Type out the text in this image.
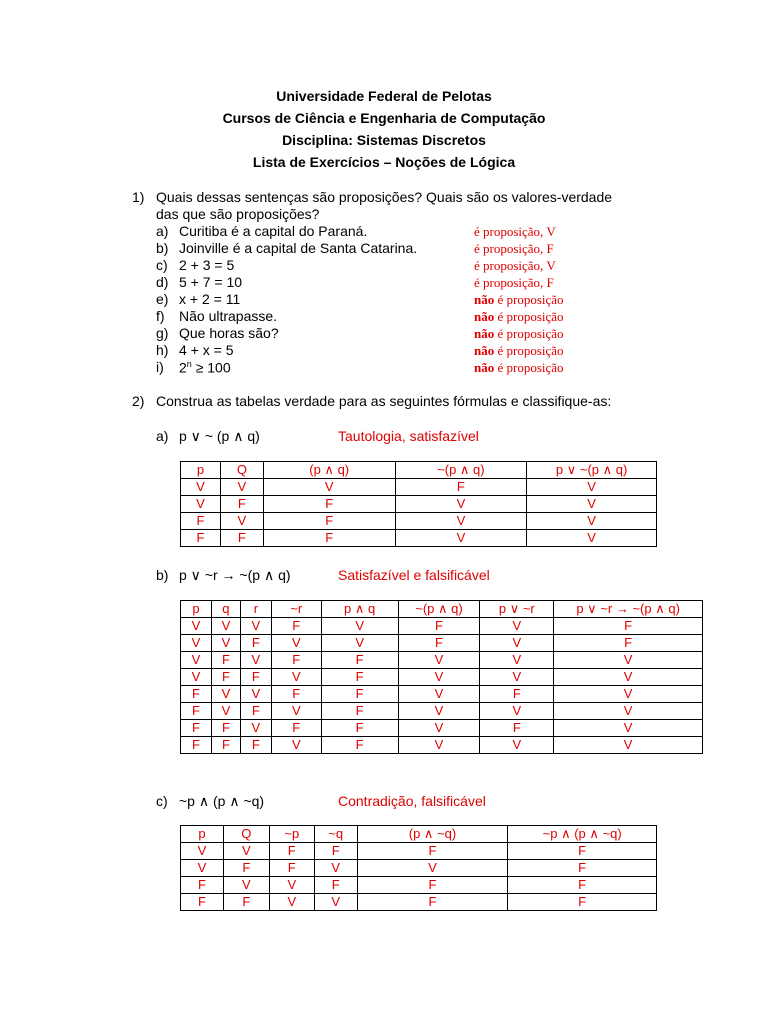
Universidade Federal de Pelotas
Cursos de Ciência e Engenharia de Computação
Disciplina: Sistemas Discretos
Lista de Exercícios – Noções de Lógica
1) Quais dessas sentenças são proposições? Quais são os valores-verdade
das que são proposições?
a) Curitiba é a capital do Paraná.	é proposição, V
b) Joinville é a capital de Santa Catarina.	é proposição, F
c) 2 + 3 = 5	é proposição, V
d) 5 + 7 = 10	é proposição, F
e) x + 2 = 11	não é proposição
f) Não ultrapasse.	não é proposição
g) Que horas são?	não é proposição
h) 4 + x = 5	não é proposição
i) $2^n \ge 100$	não é proposição
2) Construa as tabelas verdade para as seguintes fórmulas e classifique-as:
a) p ∨ ~ (p ∧ q)	Tautologia, satisfazível
p	Q	(p ∧ q)	~(p ∧ q)	p ∨ ~(p ∧ q)
V	V	V	F	V
V	F	F	V	V
F	V	F	V	V
F	F	F	V	V
b) p ∨ ~r → ~(p ∧ q)	Satisfazível e falsificável
p	q	r	~r	p ∧ q	~(p ∧ q)	p ∨ ~r	p ∨ ~r → ~(p ∧ q)
V	V	V	F	V	F	V	F
V	V	F	V	V	F	V	F
V	F	V	F	F	V	V	V
V	F	F	V	F	V	V	V
F	V	V	F	F	V	F	V
F	V	F	V	F	V	V	V
F	F	V	F	F	V	F	V
F	F	F	V	F	V	V	V
c) ~p ∧ (p ∧ ~q)	Contradição, falsificável
p	Q	~p	~q	(p ∧ ~q)	~p ∧ (p ∧ ~q)
V	V	F	F	F	F
V	F	F	V	V	F
F	V	V	F	F	F
F	F	V	V	F	F
